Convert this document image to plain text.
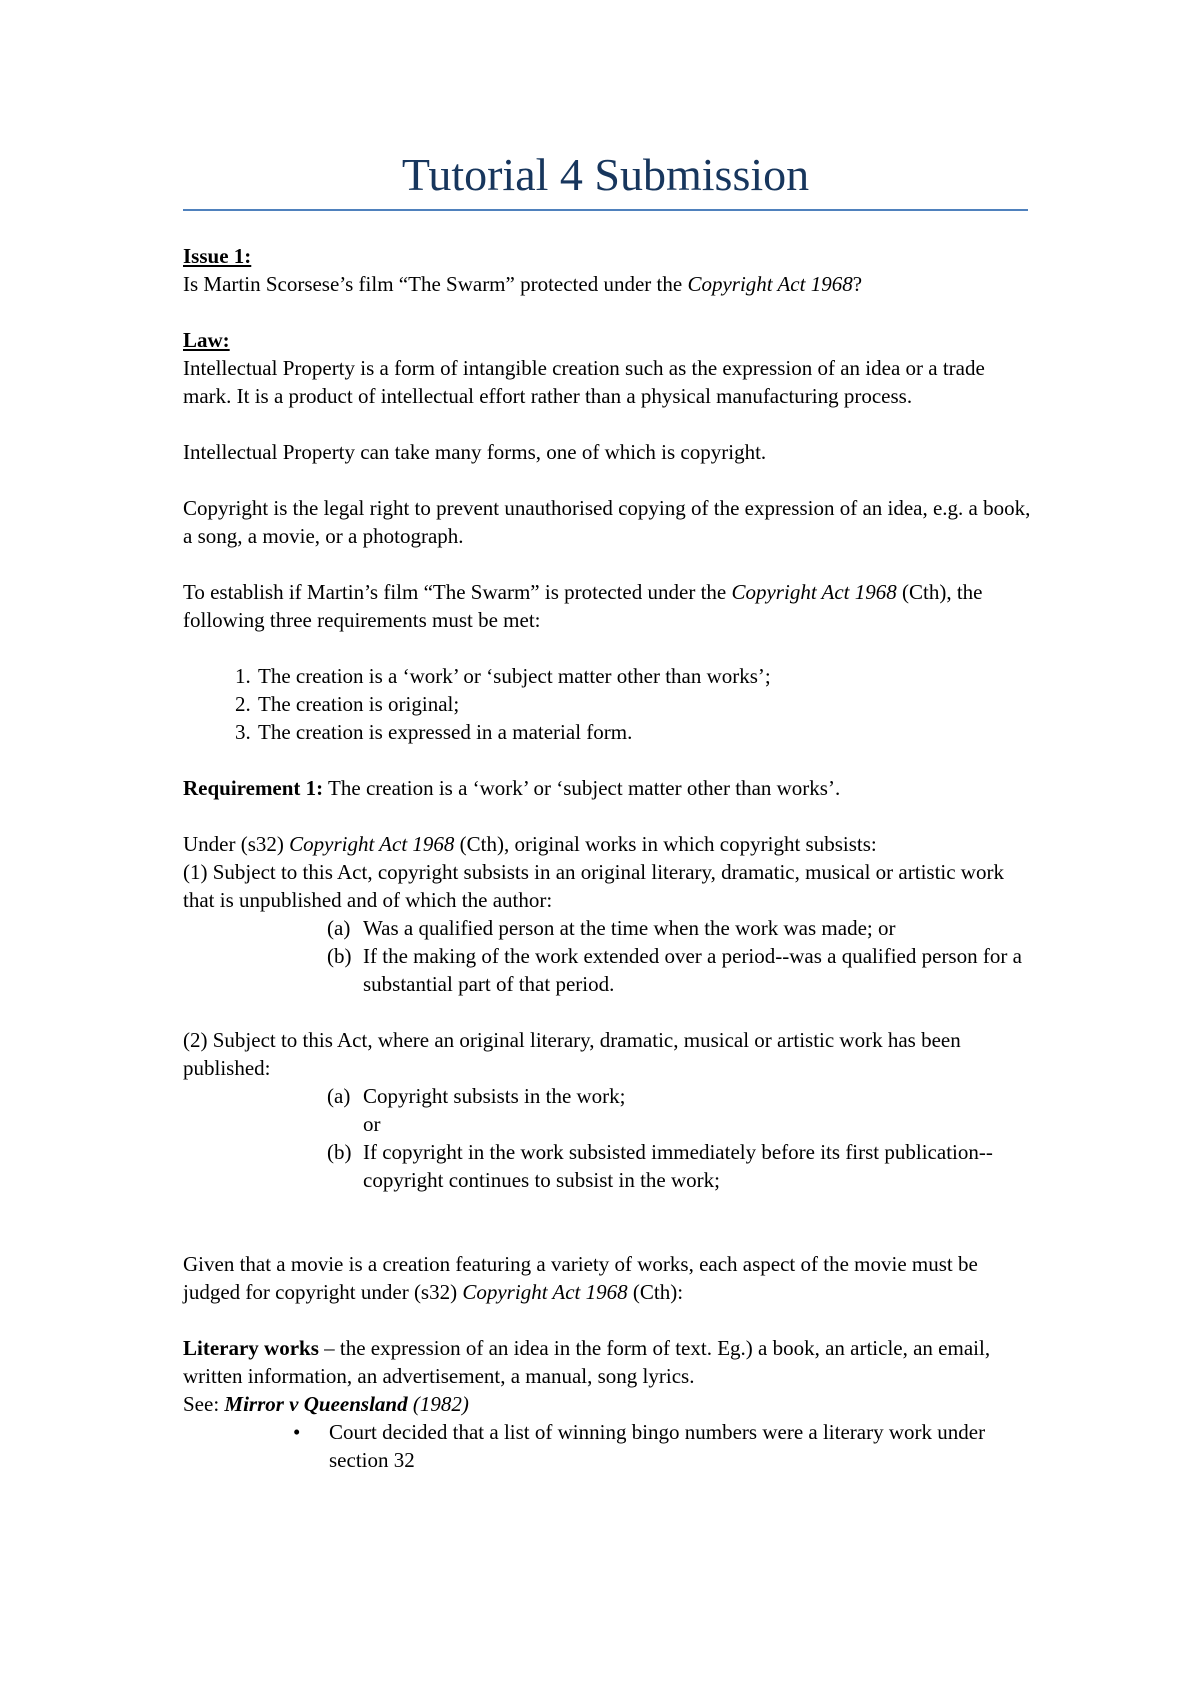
Tutorial 4 Submission

Issue 1:

Is Martin Scorsese’s film “The Swarm” protected under the Copyright Act 1968?

Law:

Intellectual Property is a form of intangible creation such as the expression of an idea or a trade mark. It is a product of intellectual effort rather than a physical manufacturing process.

Intellectual Property can take many forms, one of which is copyright.

Copyright is the legal right to prevent unauthorised copying of the expression of an idea, e.g. a book, a song, a movie, or a photograph.

To establish if Martin’s film “The Swarm” is protected under the Copyright Act 1968 (Cth), the following three requirements must be met:

1. The creation is a ‘work’ or ‘subject matter other than works’;
2. The creation is original;
3. The creation is expressed in a material form.

Requirement 1: The creation is a ‘work’ or ‘subject matter other than works’.

Under (s32) Copyright Act 1968 (Cth), original works in which copyright subsists:

(1) Subject to this Act, copyright subsists in an original literary, dramatic, musical or artistic work that is unpublished and of which the author:

(a) Was a qualified person at the time when the work was made; or
(b) If the making of the work extended over a period--was a qualified person for a substantial part of that period.

(2) Subject to this Act, where an original literary, dramatic, musical or artistic work has been published:

(a) Copyright subsists in the work;
or
(b) If copyright in the work subsisted immediately before its first publication--copyright continues to subsist in the work;

Given that a movie is a creation featuring a variety of works, each aspect of the movie must be judged for copyright under (s32) Copyright Act 1968 (Cth):

Literary works – the expression of an idea in the form of text. Eg.) a book, an article, an email, written information, an advertisement, a manual, song lyrics.

See: Mirror v Queensland (1982)

•	Court decided that a list of winning bingo numbers were a literary work under section 32
